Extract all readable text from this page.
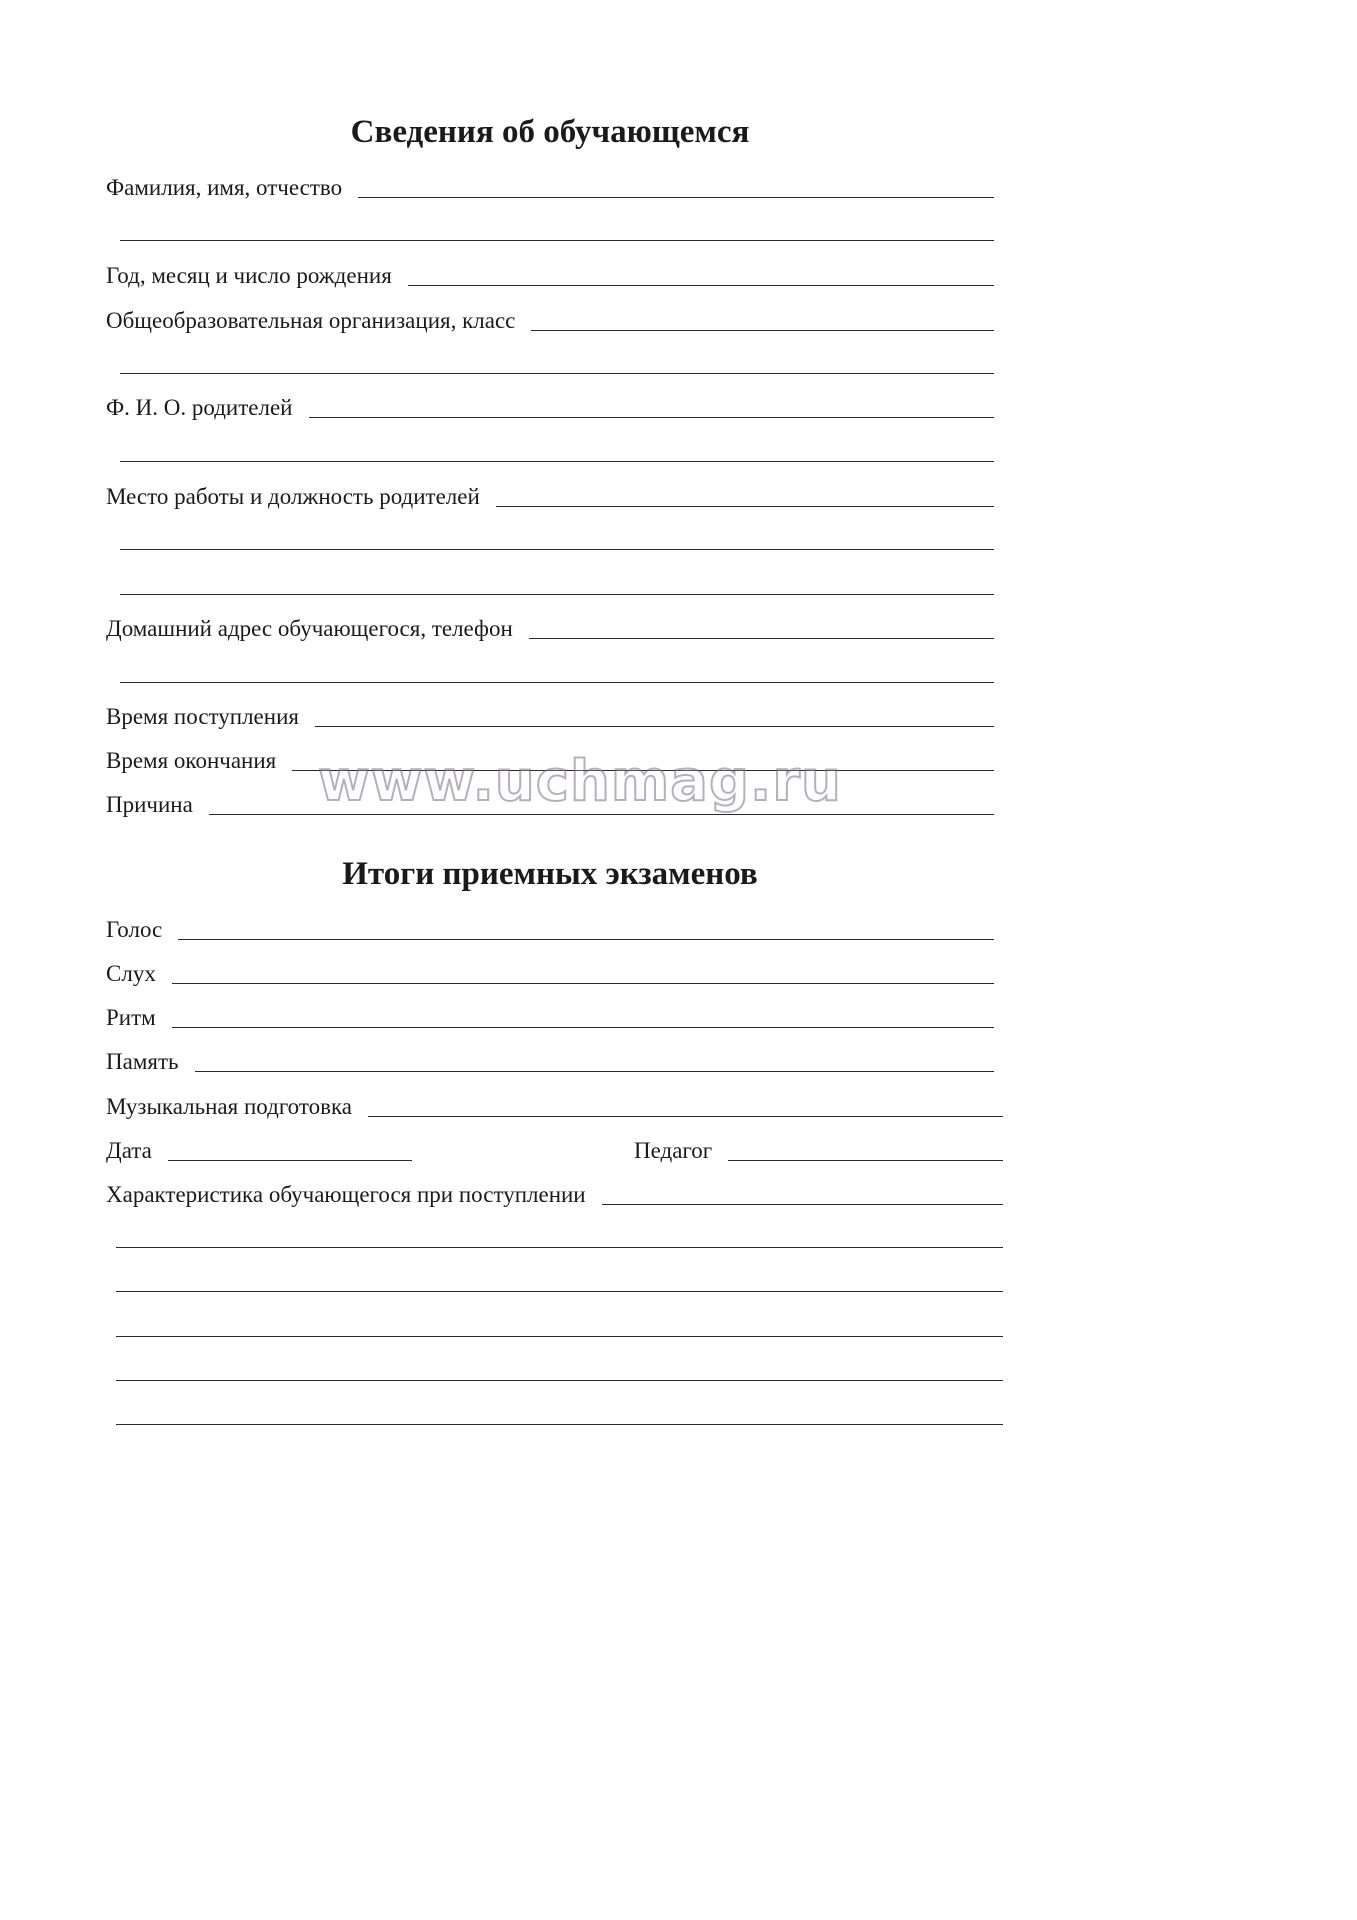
Сведения об обучающемся
Фамилия, имя, отчество
Год, месяц и число рождения
Общеобразовательная организация, класс
Ф. И. О. родителей
Место работы и должность родителей
Домашний адрес обучающегося, телефон
Время поступления
Время окончания
Причина www.uchmag.ru
Итоги приемных экзаменов
Голос
Слух
Ритм
Память
Музыкальная подготовка
Дата	Педагог
Характеристика обучающегося при поступлении
